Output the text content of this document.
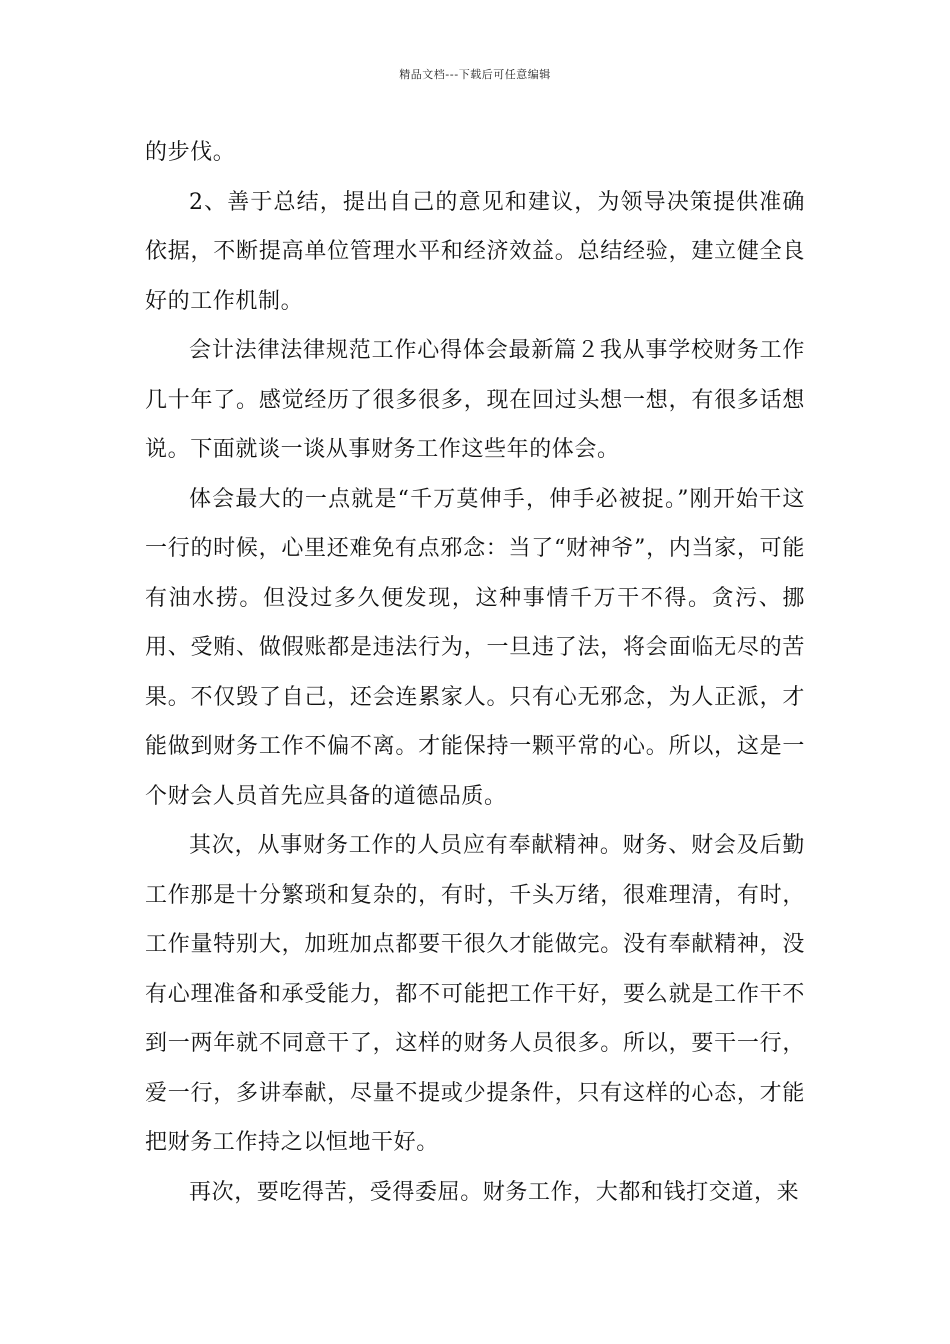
精品文档---下载后可任意编辑

的步伐。

2、善于总结，提出自己的意见和建议，为领导决策提供准确依据，不断提高单位管理水平和经济效益。总结经验，建立健全良好的工作机制。

会计法律法律规范工作心得体会最新篇２我从事学校财务工作几十年了。感觉经历了很多很多，现在回过头想一想，有很多话想说。下面就谈一谈从事财务工作这些年的体会。

体会最大的一点就是“千万莫伸手，伸手必被捉。”刚开始干这一行的时候，心里还难免有点邪念：当了“财神爷”，内当家，可能有油水捞。但没过多久便发现，这种事情千万干不得。贪污、挪用、受贿、做假账都是违法行为，一旦违了法，将会面临无尽的苦果。不仅毁了自己，还会连累家人。只有心无邪念，为人正派，才能做到财务工作不偏不离。才能保持一颗平常的心。所以，这是一个财会人员首先应具备的道德品质。

其次，从事财务工作的人员应有奉献精神。财务、财会及后勤工作那是十分繁琐和复杂的，有时，千头万绪，很难理清，有时，工作量特别大，加班加点都要干很久才能做完。没有奉献精神，没有心理准备和承受能力，都不可能把工作干好，要么就是工作干不到一两年就不同意干了，这样的财务人员很多。所以，要干一行，爱一行，多讲奉献，尽量不提或少提条件，只有这样的心态，才能把财务工作持之以恒地干好。

再次，要吃得苦，受得委屈。财务工作，大都和钱打交道，来
